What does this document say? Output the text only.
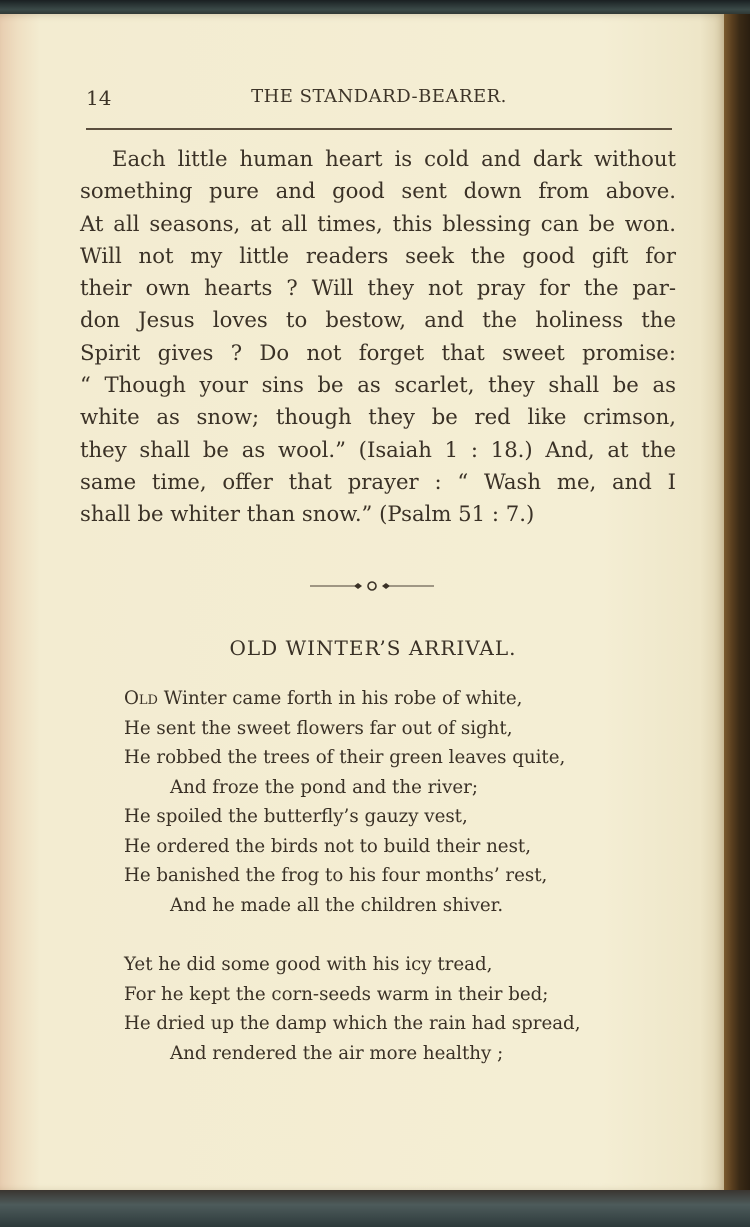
14	THE STANDARD-BEARER.
Each little human heart is cold and dark without
something pure and good sent down from above.
At all seasons, at all times, this blessing can be won.
Will not my little readers seek the good gift for
their own hearts ? Will they not pray for the par-
don Jesus loves to bestow, and the holiness the
Spirit gives ? Do not forget that sweet promise:
“ Though your sins be as scarlet, they shall be as
white as snow; though they be red like crimson,
they shall be as wool.” (Isaiah 1 : 18.) And, at the
same time, offer that prayer : “ Wash me, and I
shall be whiter than snow.” (Psalm 51 : 7.)
OLD WINTER’S ARRIVAL.
Old Winter came forth in his robe of white,
He sent the sweet flowers far out of sight,
He robbed the trees of their green leaves quite,
And froze the pond and the river;
He spoiled the butterfly’s gauzy vest,
He ordered the birds not to build their nest,
He banished the frog to his four months’ rest,
And he made all the children shiver.
Yet he did some good with his icy tread,
For he kept the corn-seeds warm in their bed;
He dried up the damp which the rain had spread,
And rendered the air more healthy ;
